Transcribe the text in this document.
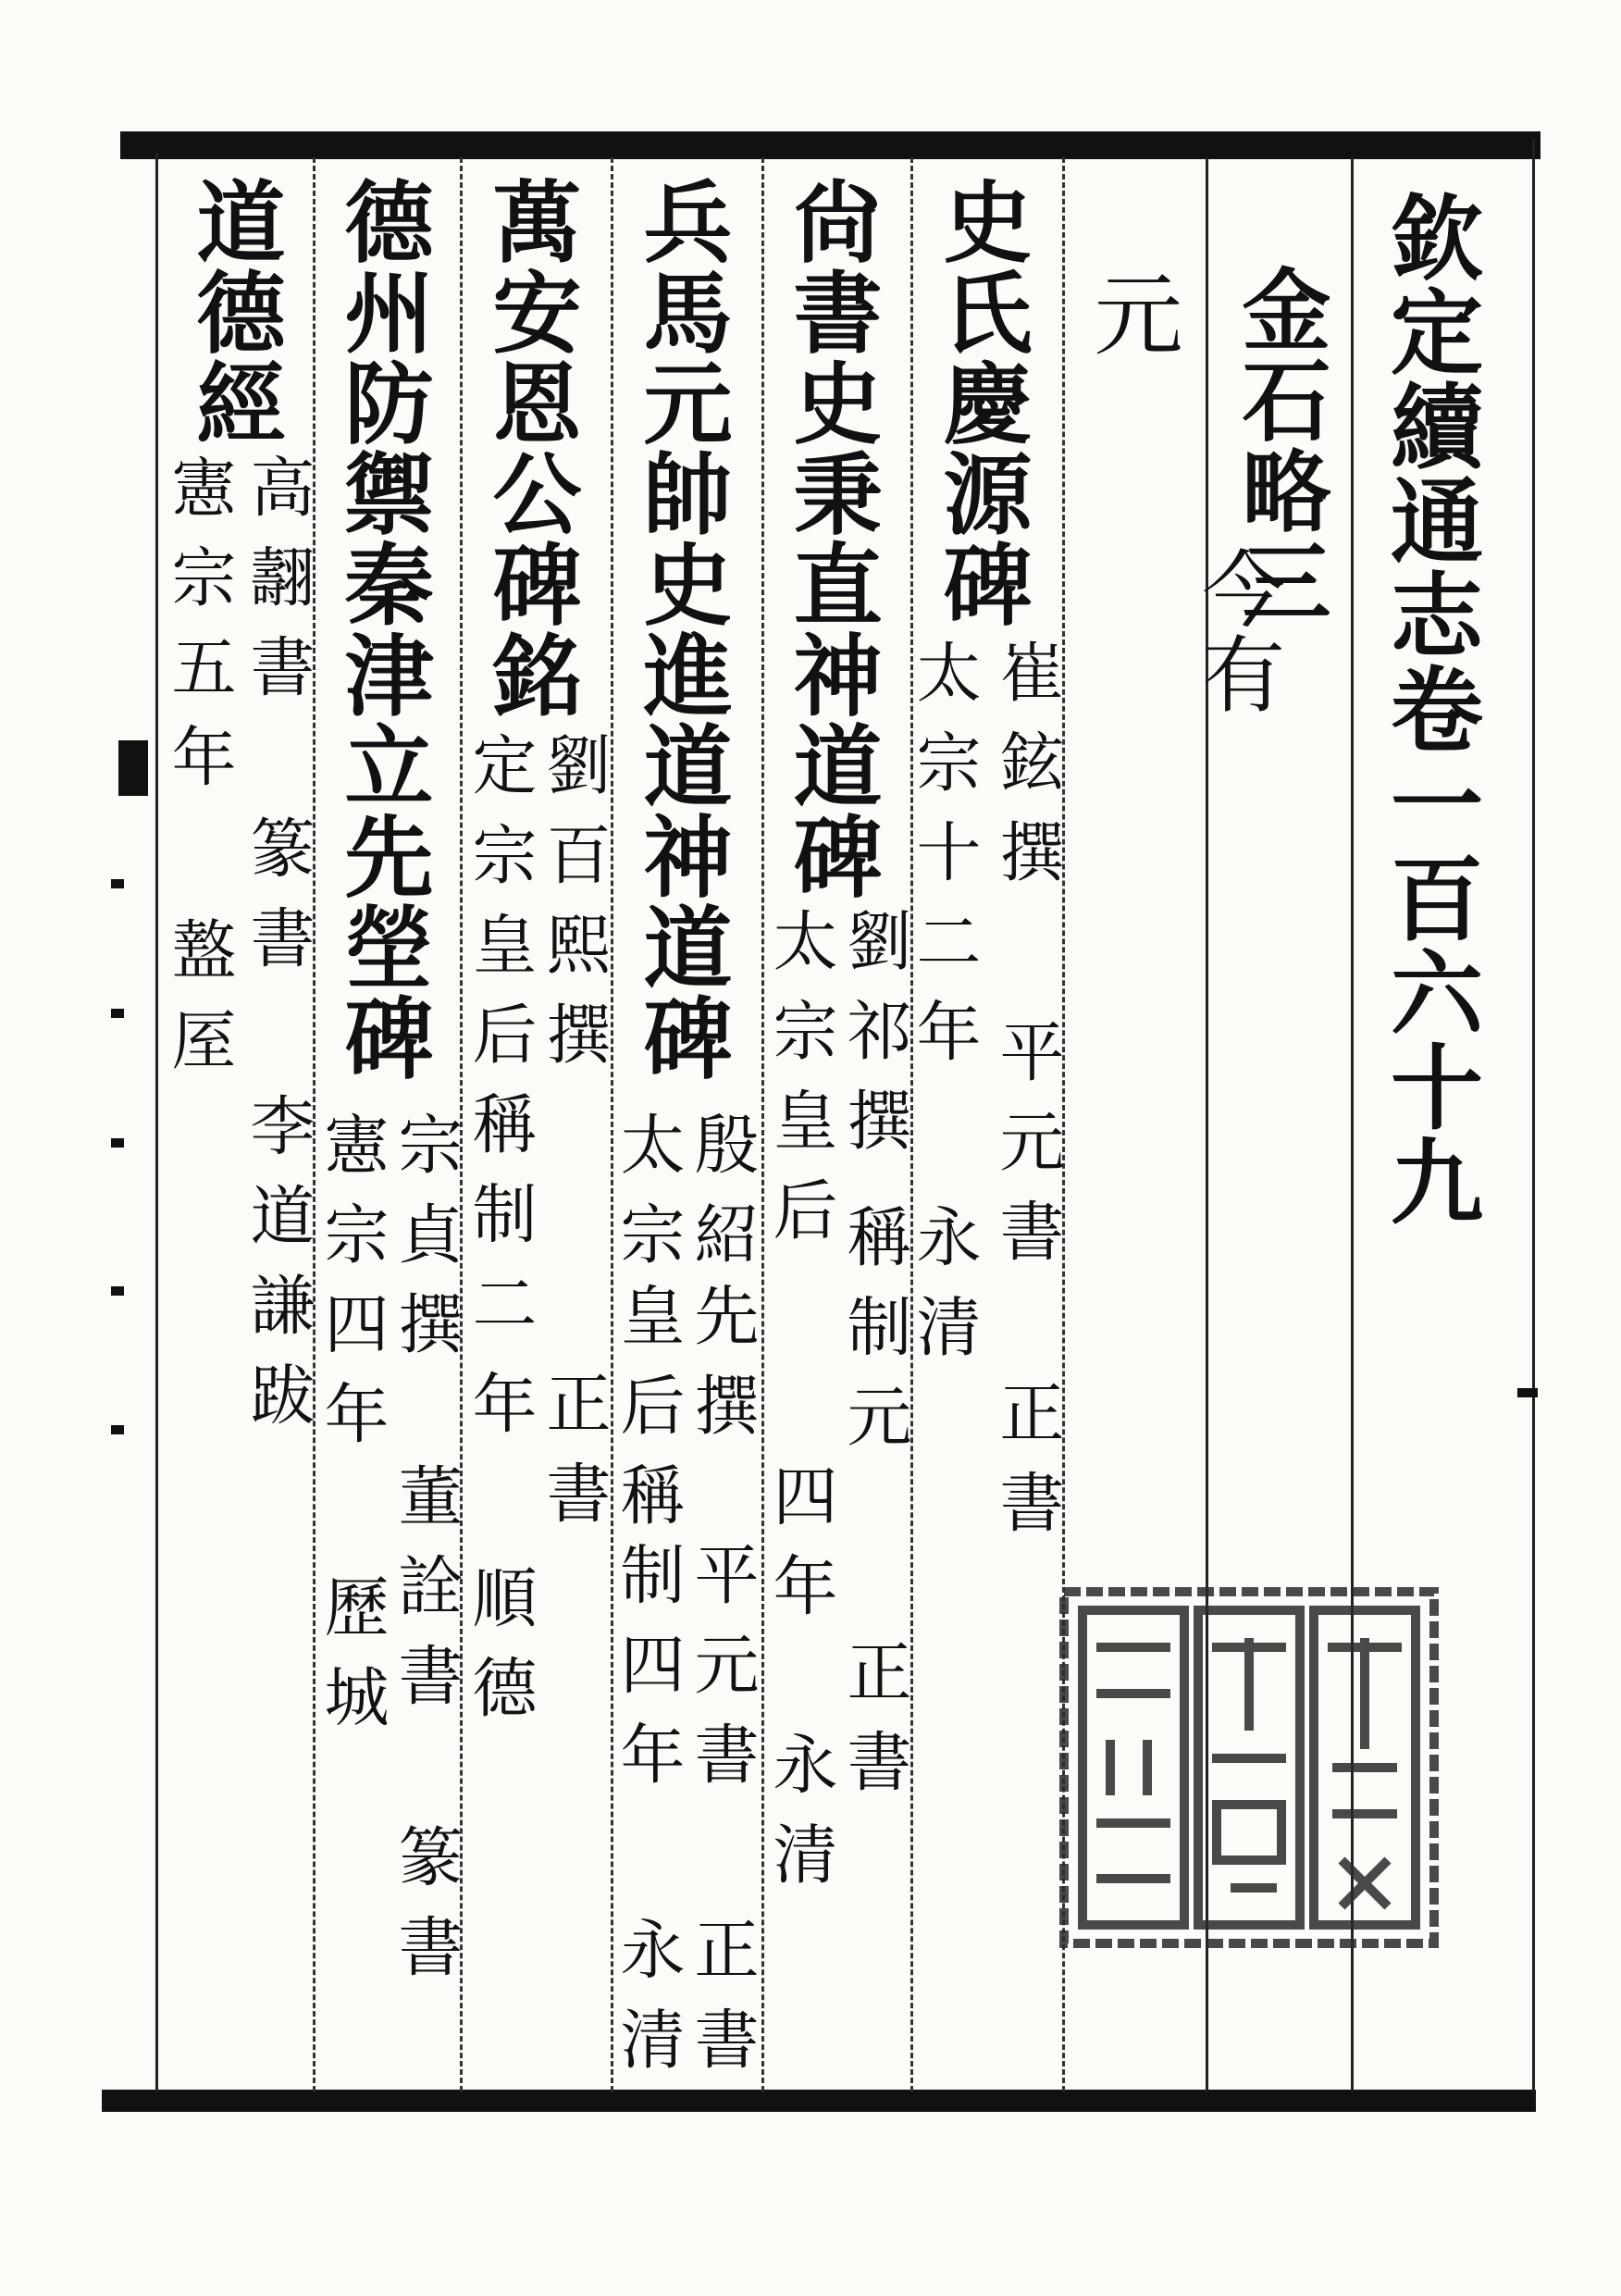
欽定續通志卷一百六十九

金石略三

今有

元

史氏慶源碑

崔鉉撰

太宗十二年

平元書

永清

正書

尙書史秉直神道碑

劉祁撰

太宗皇后

稱制元

四年

正書

永清

兵馬元帥史進道神道碑

殷紹

先撰

太宗

皇后稱

制四年

平元書

正書

永清

萬安恩公碑銘

劉百熙撰

定宗皇后稱制二

年

正書

順德

德州防禦秦津立先塋碑

宗貞撰

憲宗四年

董詮書

歷城

篆書

道德經

高翿書

憲宗五年

篆書

李道謙跋

盩厔
